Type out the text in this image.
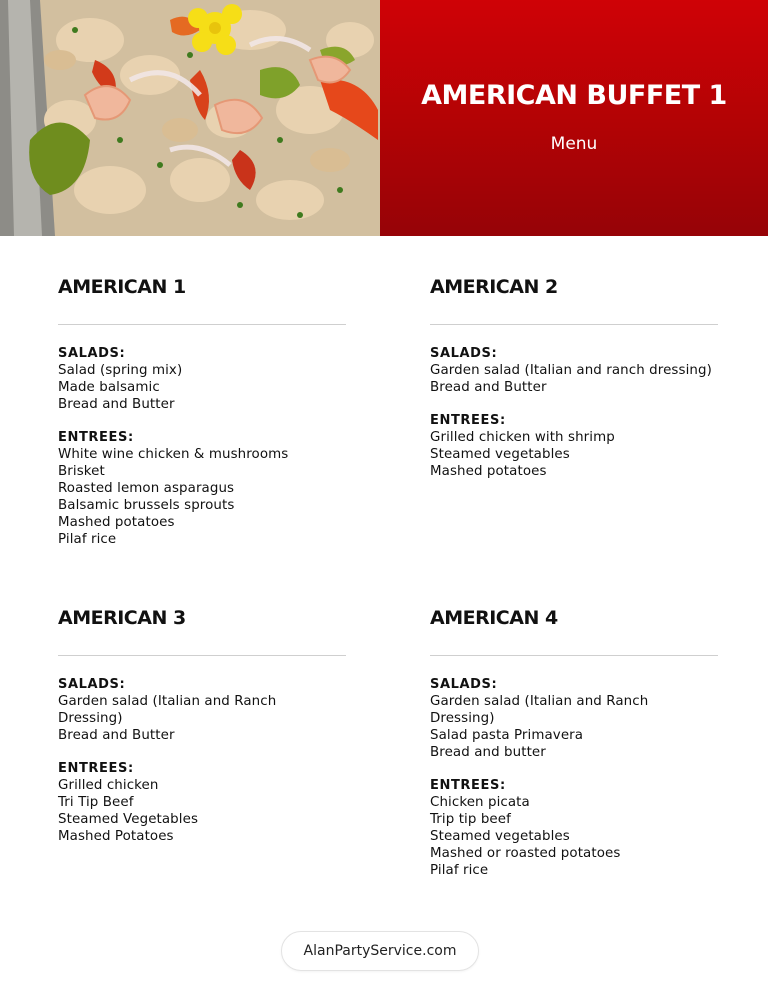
AMERICAN BUFFET 1
Menu
AMERICAN 1
SALADS:
Salad (spring mix)
Made balsamic
Bread and Butter
ENTREES:
White wine chicken & mushrooms
Brisket
Roasted lemon asparagus
Balsamic brussels sprouts
Mashed potatoes
Pilaf rice
AMERICAN 2
SALADS:
Garden salad (Italian and ranch dressing)
Bread and Butter
ENTREES:
Grilled chicken with shrimp
Steamed vegetables
Mashed potatoes
AMERICAN 3
SALADS:
Garden salad (Italian and Ranch Dressing)
Bread and Butter
ENTREES:
Grilled chicken
Tri Tip Beef
Steamed Vegetables
Mashed Potatoes
AMERICAN 4
SALADS:
Garden salad (Italian and Ranch Dressing)
Salad pasta Primavera
Bread and butter
ENTREES:
Chicken picata
Trip tip beef
Steamed vegetables
Mashed or roasted potatoes
Pilaf rice
AlanPartyService.com
